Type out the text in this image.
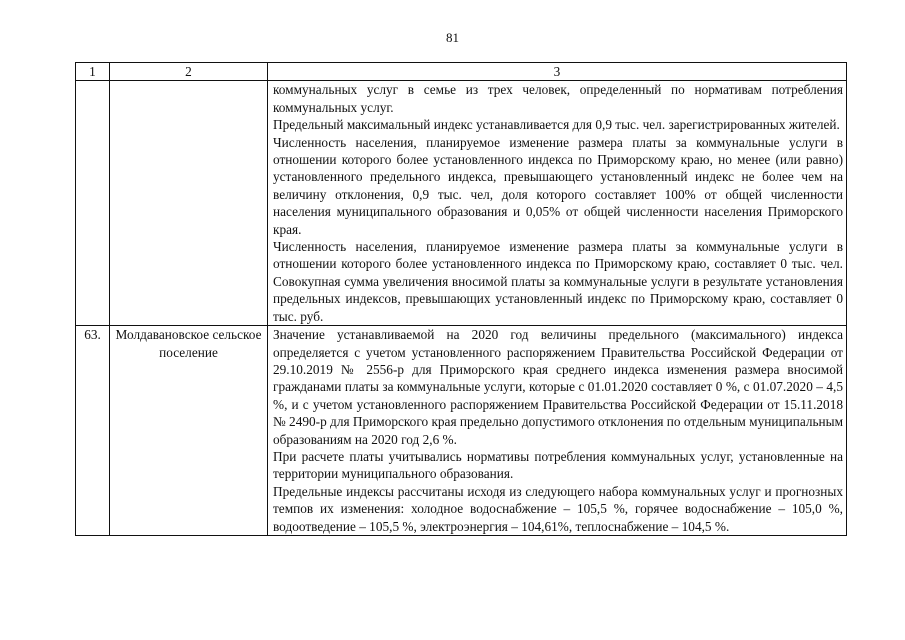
81
1	2	3

		коммунальных услуг в семье из трех человек, определенный по нормативам потребления коммунальных услуг.

Предельный максимальный индекс устанавливается для 0,9 тыс. чел. зарегистрированных жителей.

Численность населения, планируемое изменение размера платы за коммунальные услуги в отношении которого более установленного индекса по Приморскому краю, но менее (или равно) установленного предельного индекса, превышающего установленный индекс не более чем на величину отклонения, 0,9 тыс. чел, доля которого составляет 100% от общей численности населения муниципального образования и 0,05% от общей численности населения Приморского края.

Численность населения, планируемое изменение размера платы за коммунальные услуги в отношении которого более установленного индекса по Приморскому краю, составляет 0 тыс. чел. Совокупная сумма увеличения вносимой платы за коммунальные услуги в результате установления предельных индексов, превышающих установленный индекс по Приморскому краю, составляет 0 тыс. руб.

63.	Молдавановское сельское поселение	Значение устанавливаемой на 2020 год величины предельного (максимального) индекса определяется с учетом установленного распоряжением Правительства Российской Федерации от 29.10.2019 № 2556-р для Приморского края среднего индекса изменения размера вносимой гражданами платы за коммунальные услуги, которые с 01.01.2020 составляет 0 %, с 01.07.2020 – 4,5 %, и с учетом установленного распоряжением Правительства Российской Федерации от 15.11.2018 № 2490-р для Приморского края предельно допустимого отклонения по отдельным муниципальным образованиям на 2020 год 2,6 %.

При расчете платы учитывались нормативы потребления коммунальных услуг, установленные на территории муниципального образования.

Предельные индексы рассчитаны исходя из следующего набора коммунальных услуг и прогнозных темпов их изменения: холодное водоснабжение – 105,5 %, горячее водоснабжение – 105,0 %, водоотведение – 105,5 %, электроэнергия – 104,61%, теплоснабжение – 104,5 %.
